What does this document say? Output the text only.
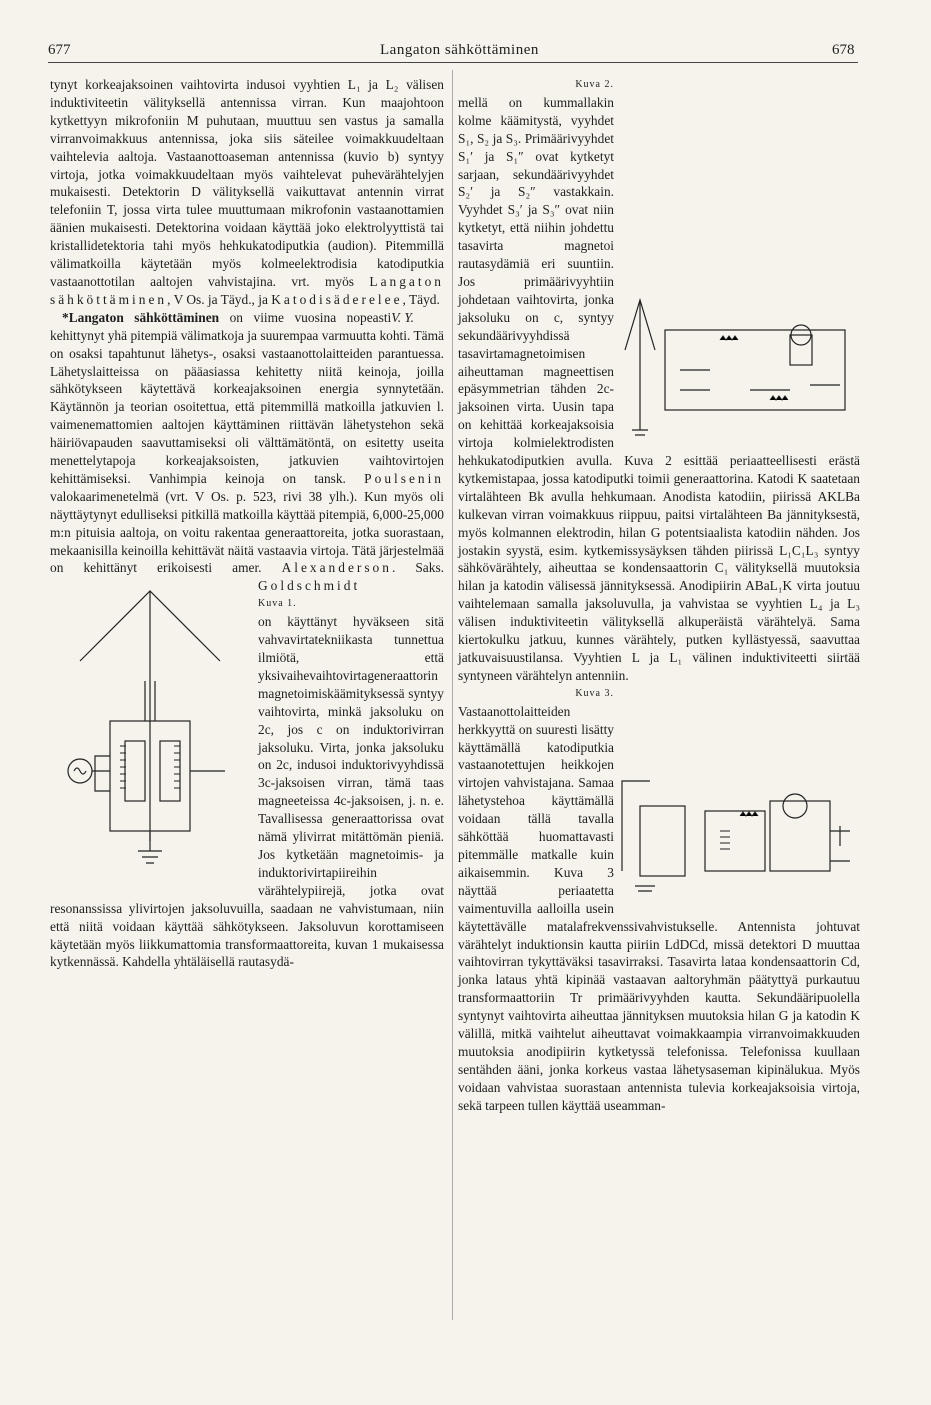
677	Langaton sähköttäminen	678

tynyt korkeajaksoinen vaihtovirta indusoi vyyhtien L₁ ja L₂ välisen induktiviteetin välityksellä antennissa virran. Kun maajohtoon kytkettyyn mikrofoniin M puhutaan, muuttuu sen vastus ja samalla virranvoimakkuus antennissa, joka siis säteilee voimakkuudeltaan vaihtelevia aaltoja. Vastaanottoaseman antennissa (kuvio b) syntyy virtoja, jotka voimakkuudeltaan myös vaihtelevat puhevärähtelyjen mukaisesti. Detektorin D välityksellä vaikuttavat antennin virrat telefoniin T, jossa virta tulee muuttumaan mikrofonin vastaanottamien äänien mukaisesti. Detektorina voidaan käyttää joko elektrolyyttistä tai kristallidetektoria tahi myös hehkukatodiputkia (audion). Pitemmillä välimatkoilla käytetään myös kolmeelektrodisia katodiputkia vastaanottotilan aaltojen vahvistajina. vrt. myös Langaton sähköttäminen, V Os. ja Täyd., ja Katodisäderelee, Täyd.
V. Y.

*Langaton sähköttäminen on viime vuosina nopeasti kehittynyt yhä pitempiä välimatkoja ja suurempaa varmuutta kohti. Tämä on osaksi tapahtunut lähetys-, osaksi vastaanottolaitteiden parantuessa. Lähetyslaitteissa on pääasiassa kehitetty niitä keinoja, joilla sähkötykseen käytettävä korkeajaksoinen energia synnytetään. Käytännön ja teorian osoitettua, että pitemmillä matkoilla jatkuvien l. vaimenemattomien aaltojen käyttäminen riittävän lähetystehon sekä häiriövapauden saavuttamiseksi oli välttämätöntä, on esitetty useita menettelytapoja korkeajaksoisten, jatkuvien vaihtovirtojen kehittämiseksi. Vanhimpia keinoja on tansk. Poulsenin valokaarimenetelmä (vrt. V Os. p. 523, rivi 38 ylh.). Kun myös oli näyttäytynyt edulliseksi pitkillä matkoilla käyttää pitempiä, 6,000-25,000 m:n pituisia aaltoja, on voitu rakentaa generaattoreita, jotka suorastaan, mekaanisilla keinoilla kehittävät näitä vastaavia virtoja. Tätä järjestelmää on kehittänyt erikoisesti amer. Alexanderson. Saks. Goldschmidt

Kuva 1.
on käyttänyt hyväkseen sitä vahvavirtatekniikasta tunnettua ilmiötä, että yksivaihevaihtovirtageneraattorin magnetoimiskäämityksessä syntyy vaihtovirta, minkä jaksoluku on 2c, jos c on induktorivirran jaksoluku. Virta, jonka jaksoluku on 2c, indusoi induktorivyyhdissä 3c-jaksoisen virran, tämä taas magneeteissa 4c-jaksoisen, j. n. e. Tavallisessa generaattorissa ovat nämä ylivirrat mitättömän pieniä. Jos kytketään magnetoimis- ja induktorivirtapiireihin värähtelypiirejä, jotka ovat resonanssissa ylivirtojen jaksoluvuilla, saadaan ne vahvistumaan, niin että niitä voidaan käyttää sähkötykseen. Jaksoluvun korottamiseen käytetään myös liikkumattomia transformaattoreita, kuvan 1 mukaisessa kytkennässä. Kahdella yhtäläisellä rautasydä-

Kuva 2.
mellä on kummallakin kolme käämitystä, vyyhdet S₁, S₂ ja S₃. Primäärivyyhdet S₁′ ja S₁″ ovat kytketyt sarjaan, sekundäärivyyhdet S₂′ ja S₂″ vastakkain. Vyyhdet S₃′ ja S₃″ ovat niin kytketyt, että niihin johdettu tasavirta magnetoi rautasydämiä eri suuntiin. Jos primäärivyyhtiin johdetaan vaihtovirta, jonka jaksoluku on c, syntyy sekundäärivyyhdissä tasavirtamagnetoimisen aiheuttaman magneettisen epäsymmetrian tähden 2c-jaksoinen virta. Uusin tapa on kehittää korkeajaksoisia virtoja kolmielektrodisten hehkukatodiputkien avulla. Kuva 2 esittää periaatteellisesti erästä kytkemistapaa, jossa katodiputki toimii generaattorina. Katodi K saatetaan virtalähteen Bk avulla hehkumaan. Anodista katodiin, piirissä AKLBa kulkevan virran voimakkuus riippuu, paitsi virtalähteen Ba jännityksestä, myös kolmannen elektrodin, hilan G potentsiaalista katodiin nähden. Jos jostakin syystä, esim. kytkemissysäyksen tähden piirissä L₁C₁L₃ syntyy sähkövärähtely, aiheuttaa se kondensaattorin C₁ välityksellä muutoksia hilan ja katodin välisessä jännityksessä. Anodipiirin ABaL₁K virta joutuu vaihtelemaan samalla jaksoluvulla, ja vahvistaa se vyyhtien L₄ ja L₃ välisen induktiviteetin välityksellä alkuperäistä värähtelyä. Sama kiertokulku jatkuu, kunnes värähtely, putken kyllästyessä, saavuttaa jatkuvaisuustilansa. Vyyhtien L ja L₁ välinen induktiviteetti siirtää syntyneen värähtelyn antenniin.

Kuva 3.
Vastaanottolaitteiden herkkyyttä on suuresti lisätty käyttämällä katodiputkia vastaanotettujen heikkojen virtojen vahvistajana. Samaa lähetystehoa käyttämällä voidaan tällä tavalla sähköttää huomattavasti pitemmälle matkalle kuin aikaisemmin. Kuva 3 näyttää periaatetta vaimentuvilla aalloilla usein käytettävälle matalafrekvenssivahvistukselle. Antennista johtuvat värähtelyt induktionsin kautta piiriin LdDCd, missä detektori D muuttaa vaihtovirran tykyttäväksi tasavirraksi. Tasavirta lataa kondensaattorin Cd, jonka lataus yhtä kipinää vastaavan aaltoryhmän päätyttyä purkautuu transformaattoriin Tr primäärivyyhden kautta. Sekundääripuolella syntynyt vaihtovirta aiheuttaa jännityksen muutoksia hilan G ja katodin K välillä, mitkä vaihtelut aiheuttavat voimakkaampia virranvoimakkuuden muutoksia anodipiirin kytketyssä telefonissa. Telefonissa kuullaan sentähden ääni, jonka korkeus vastaa lähetysaseman kipinälukua. Myös voidaan vahvistaa suorastaan antennista tulevia korkeajaksoisia virtoja, sekä tarpeen tullen käyttää useamman-
